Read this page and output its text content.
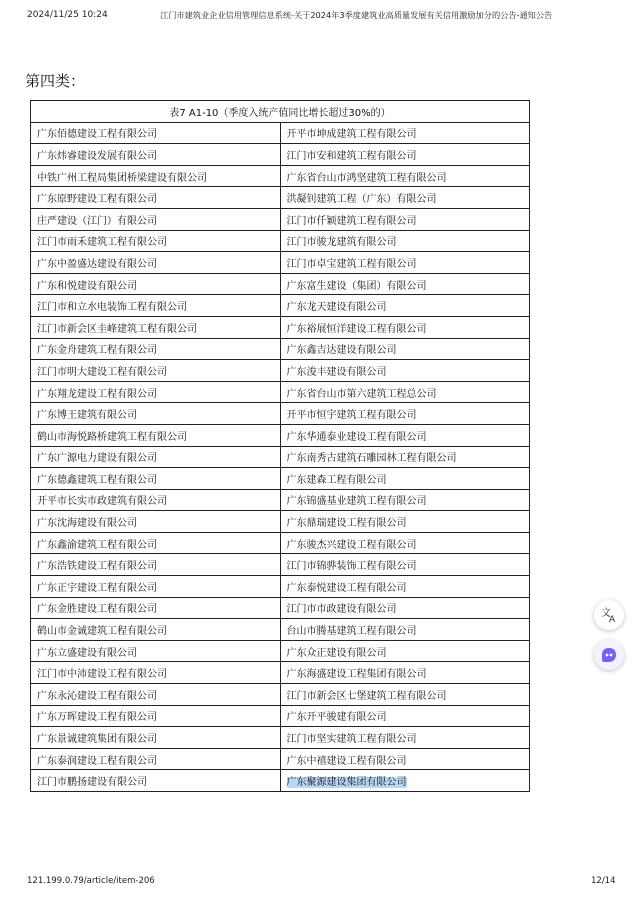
2024/11/25 10:24	江门市建筑业企业信用管理信息系统-关于2024年3季度建筑业高质量发展有关信用激励加分的公告-通知公告
第四类：
表7 A1-10（季度入统产值同比增长超过30%的）	
广东佰德建设工程有限公司	开平市坤成建筑工程有限公司
广东炜睿建设发展有限公司	江门市安和建筑工程有限公司
中铁广州工程局集团桥梁建设有限公司	广东省台山市鸿坚建筑工程有限公司
广东原野建设工程有限公司	洪凝钊建筑工程（广东）有限公司
庄严建设（江门）有限公司	江门市仟颖建筑工程有限公司
江门市雨禾建筑工程有限公司	江门市骏龙建筑有限公司
广东中盈盛达建设有限公司	江门市卓宝建筑工程有限公司
广东和悦建设有限公司	广东富生建设（集团）有限公司
江门市和立水电装饰工程有限公司	广东龙天建设有限公司
江门市新会区圭峰建筑工程有限公司	广东裕展恒洋建设工程有限公司
广东金舟建筑工程有限公司	广东鑫吉达建设有限公司
江门市明大建设工程有限公司	广东浚丰建设有限公司
广东翔龙建设工程有限公司	广东省台山市第六建筑工程总公司
广东博王建筑有限公司	开平市恒宇建筑工程有限公司
鹤山市海悦路桥建筑工程有限公司	广东华通泰业建设工程有限公司
广东广源电力建设有限公司	广东南秀古建筑石雕园林工程有限公司
广东德鑫建筑工程有限公司	广东建森工程有限公司
开平市长实市政建筑有限公司	广东锦盛基业建筑工程有限公司
广东沈海建设有限公司	广东鼎瑞建设工程有限公司
广东鑫渝建筑工程有限公司	广东骏杰兴建设工程有限公司
广东浩铁建设工程有限公司	江门市锦骅装饰工程有限公司
广东正宇建设工程有限公司	广东泰悦建设工程有限公司
广东金胜建设工程有限公司	江门市市政建设有限公司
鹤山市金诚建筑工程有限公司	台山市腾基建筑工程有限公司
广东立盛建设有限公司	广东众正建设有限公司
江门市中沛建设工程有限公司	广东海盛建设工程集团有限公司
广东永沁建设工程有限公司	江门市新会区七堡建筑工程有限公司
广东万晖建设工程有限公司	广东开平骏建有限公司
广东景诚建筑集团有限公司	江门市坚实建筑工程有限公司
广东泰润建设工程有限公司	广东中禧建设工程有限公司
江门市鹏扬建设有限公司	广东聚源建设集团有限公司
121.199.0.79/article/item-206	12/14
文
A
